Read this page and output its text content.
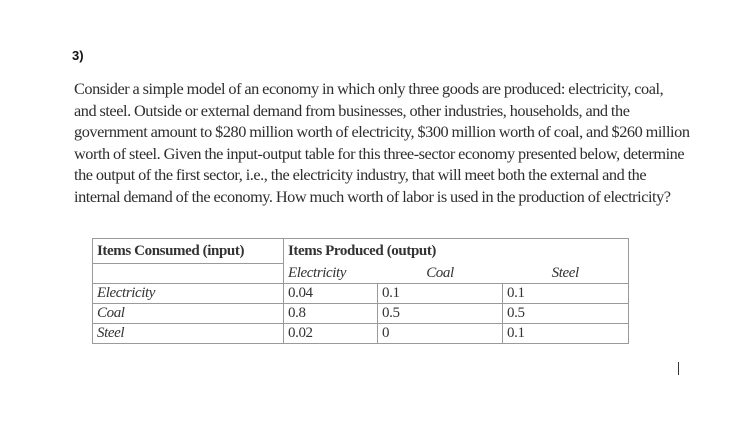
3)
Consider a simple model of an economy in which only three goods are produced: electricity, coal,
and steel. Outside or external demand from businesses, other industries, households, and the
government amount to $280 million worth of electricity, $300 million worth of coal, and $260 million
worth of steel. Given the input-output table for this three-sector economy presented below, determine
the output of the first sector, i.e., the electricity industry, that will meet both the external and the
internal demand of the economy. How much worth of labor is used in the production of electricity?
Items Consumed (input)	Items Produced (output)		
	Electricity	Coal	Steel
Electricity	0.04	0.1	0.1
Coal	0.8	0.5	0.5
Steel	0.02	0	0.1
